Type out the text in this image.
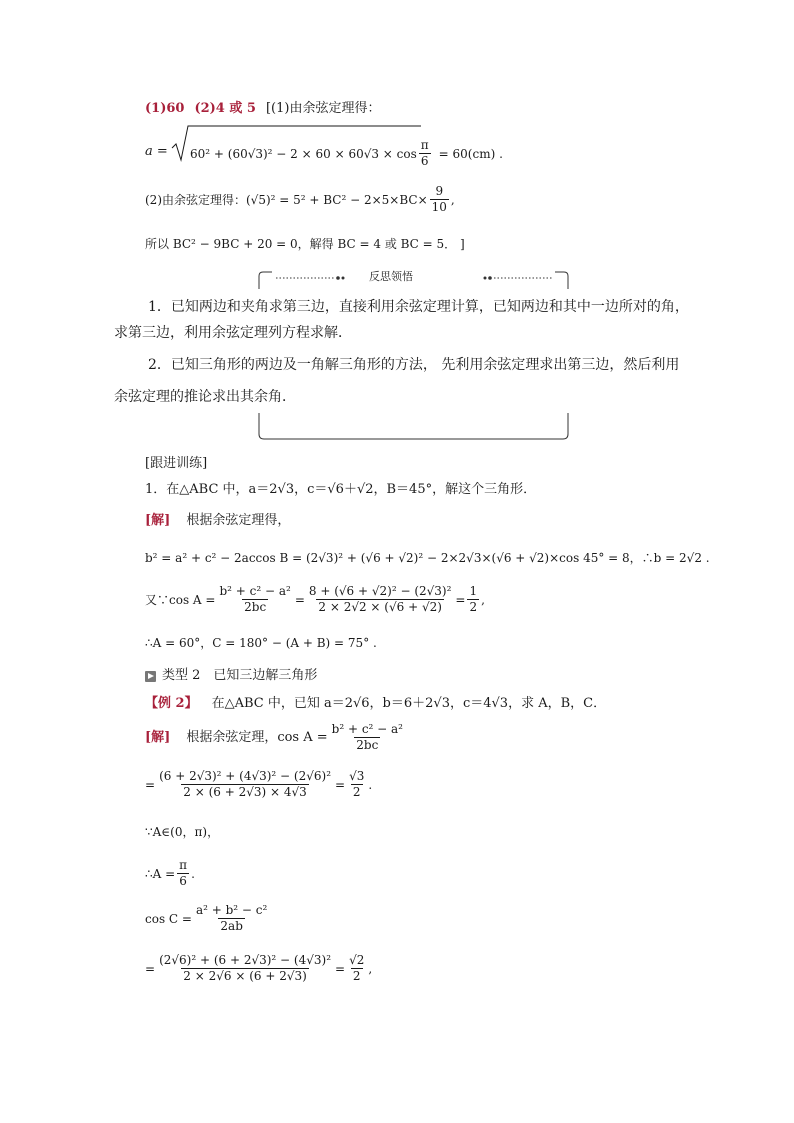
(1)60 (2)4 或 5 [(1)由余弦定理得：
$a = 60^2 + (60√3)^2 - 2 \times 60 \times 60√3 \times \cos \frac{\pi}{6} = 60(cm)$ .
(2)由余弦定理得：$(√5)^2 = 5^2 + BC^2 - 2\times 5\times BC\times \frac{9}{10}$ ,
所以 BC² − 9BC + 20 = 0，解得 BC = 4 或 BC = 5． ]
反思领悟
1．已知两边和夹角求第三边，直接利用余弦定理计算，已知两边和其中一边所对的角，
求第三边，利用余弦定理列方程求解．
2．已知三角形的两边及一角解三角形的方法， 先利用余弦定理求出第三边，然后利用
余弦定理的推论求出其余角．
[跟进训练]
1．在△ABC 中，a＝2√3，c＝√6＋√2，B＝45°，解这个三角形．
[解] 根据余弦定理得，
b² = a² + c² − 2accos B = (2√3)² + (√6 + √2)² − 2×2√3×(√6 + √2)×cos 45° = 8，∴b = 2√2 .
又∵cos $A = \frac{\text{b² + c² − a²}}{2bc} = \frac{\text{8 + (√6 + √2)² − (2√3)²}}{2 \times 2√2 \times (√6 + √2)} = \frac{1}{2}$ ,
∴A = 60°，C = 180° − (A + B) = 75° .
类型 2　已知三边解三角形
【例 2】 在△ABC 中，已知 a＝2√6，b＝6＋2√3，c＝4√3，求 A，B，C．
[解] 根据余弦定理，$\cos A = \frac{\text{b² + c² − a²}}{2bc}$
= $\frac{\text{(6 + 2√3)² + (4√3)² − (2√6)²}}{2 \times (6 + 2√3) \times 4√3} = \frac{√3}{2}$ .
∵A∈(0，π)，
∴A = $\frac{\pi}{6}$ .
$\cos C = \frac{\text{a² + b² − c²}}{2ab}$
= $\frac{\text{(2√6)² + (6 + 2√3)² − (4√3)²}}{2 \times 2√6 \times (6 + 2√3)} = \frac{√2}{2}$ ,
